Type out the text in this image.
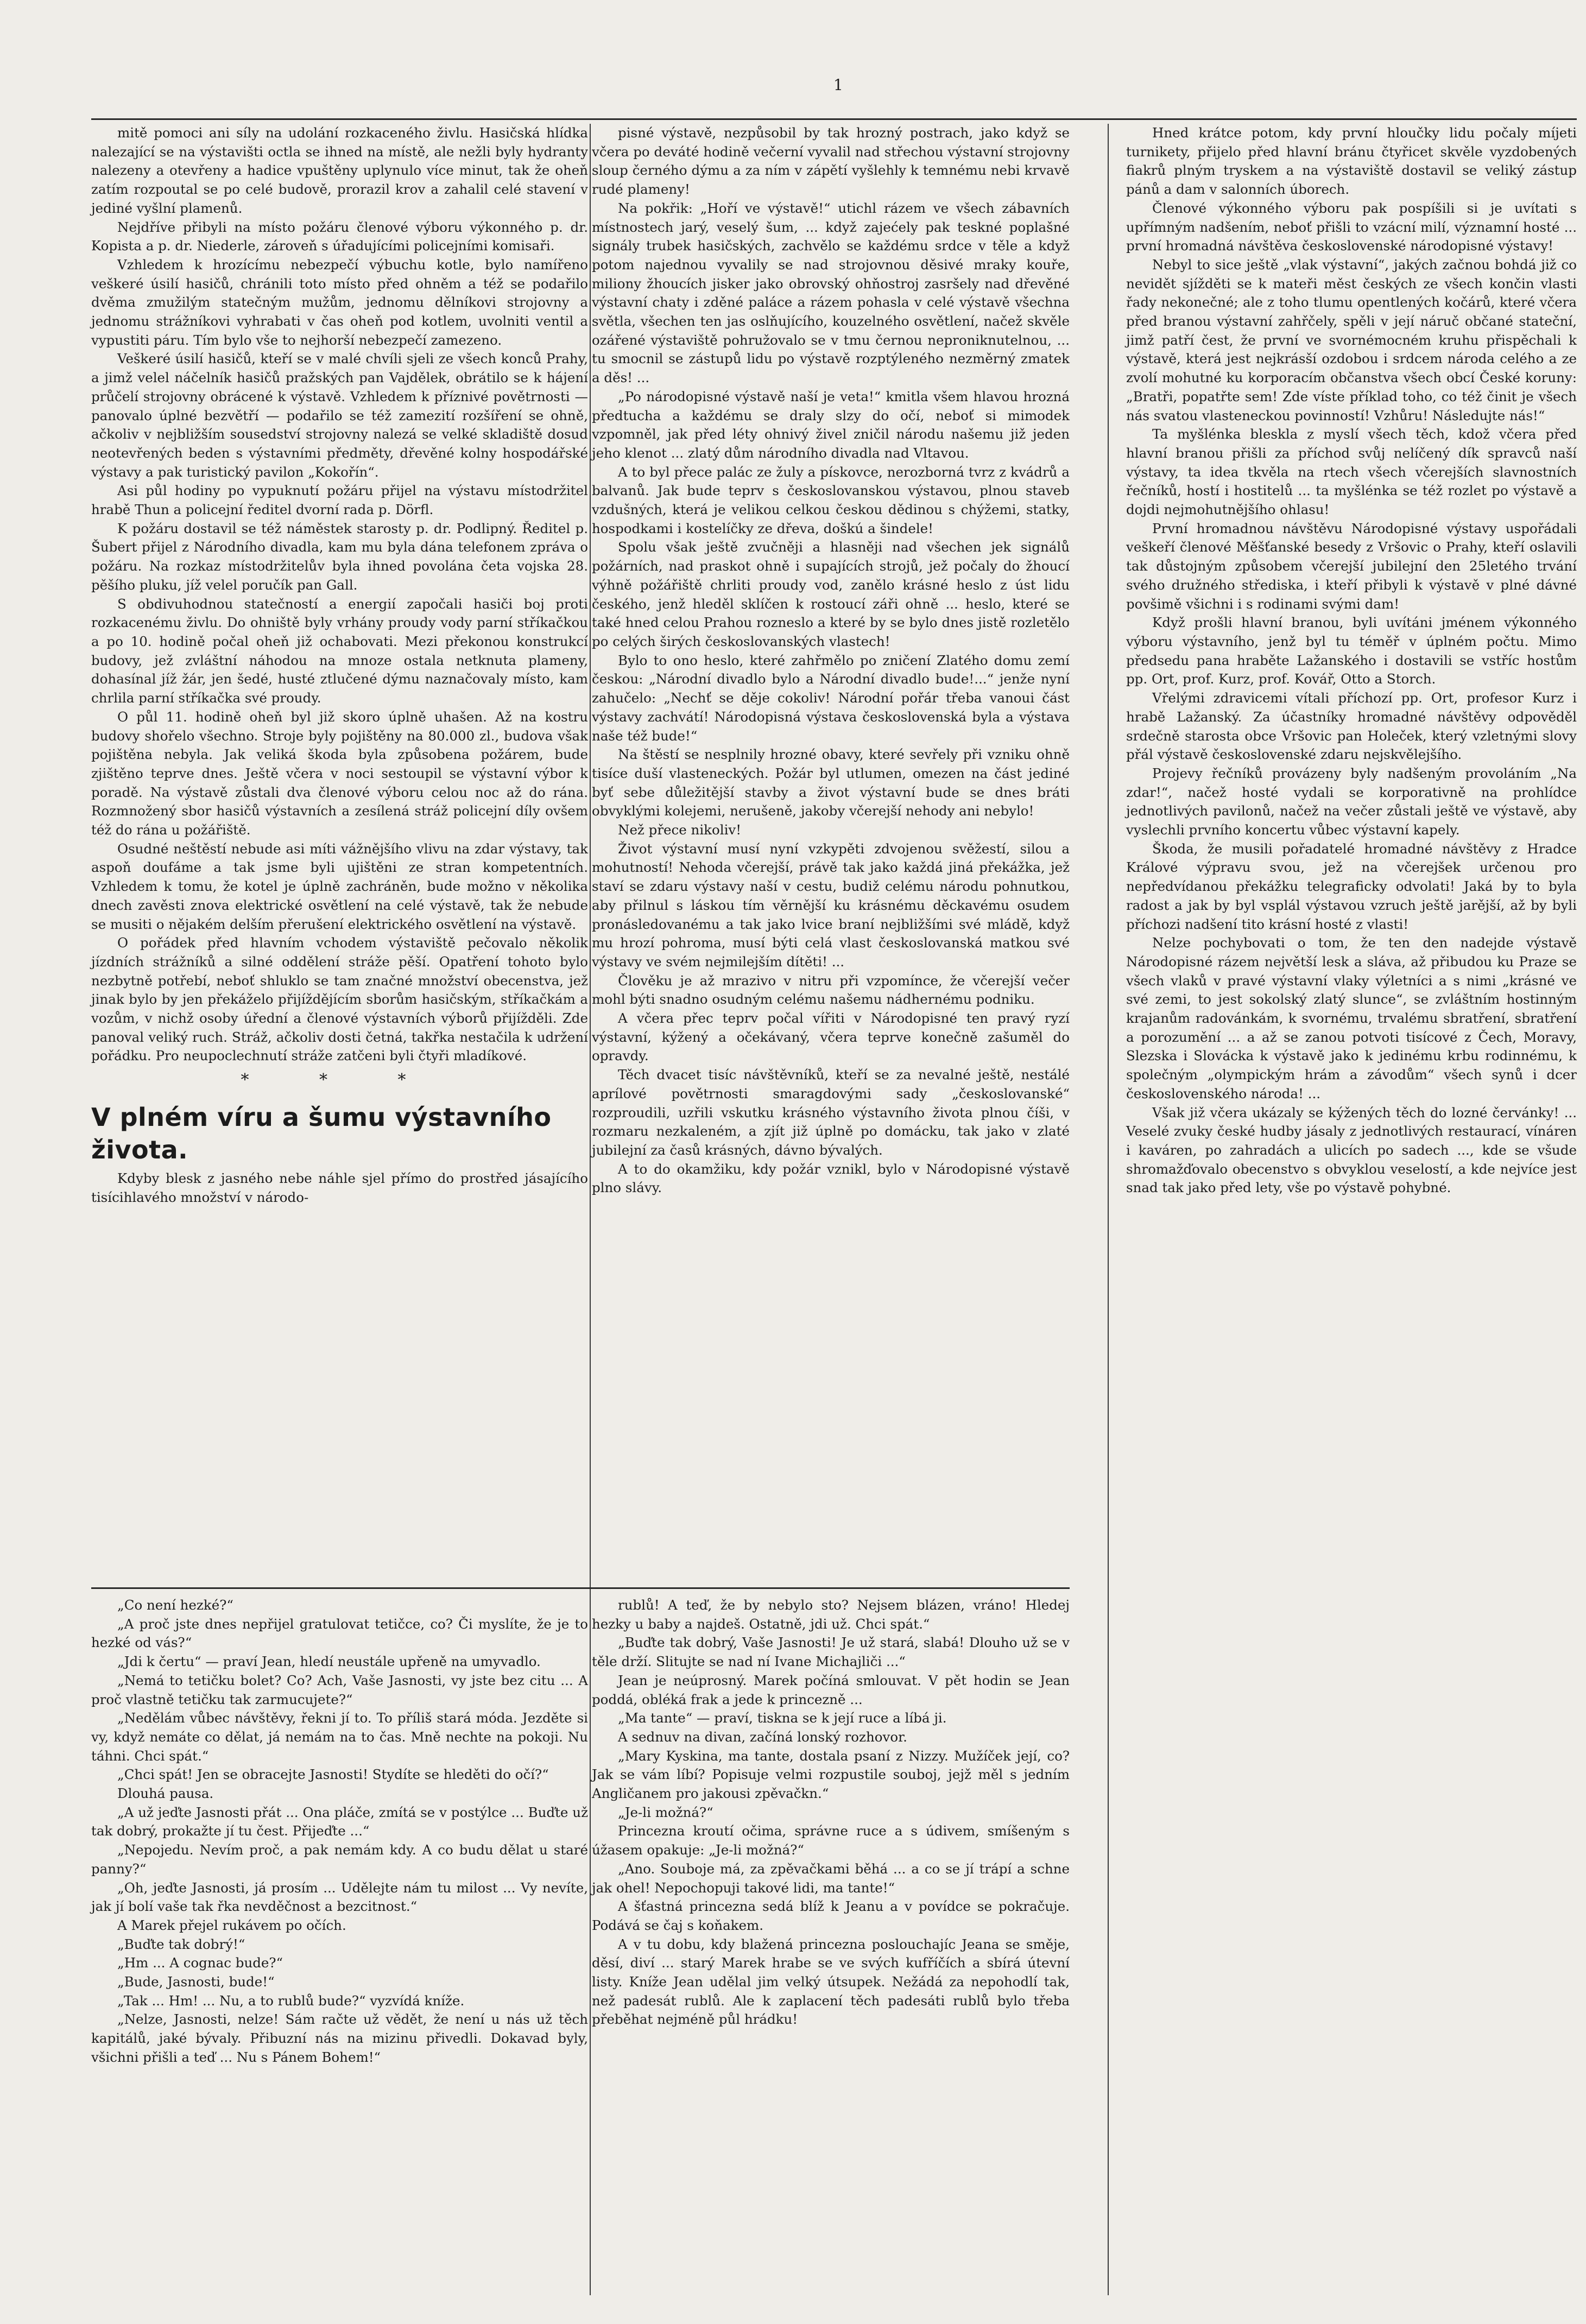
1

mitě pomoci ani síly na udolání rozkaceného živlu. Hasičská hlídka nalezající se na výstavišti octla se ihned na místě, ale nežli byly hydranty nalezeny a otevřeny a hadice vpuštěny uplynulo více minut, tak že oheň zatím rozpoutal se po celé budově, prorazil krov a zahalil celé stavení v jediné vyšlní plamenů.

Nejdříve přibyli na místo požáru členové výboru výkonného p. dr. Kopista a p. dr. Niederle, zároveň s úřadujícími policejními komisaři.

Vzhledem k hrozícímu nebezpečí výbuchu kotle, bylo namířeno veškeré úsilí hasičů, chránili toto místo před ohněm a též se podařilo dvěma zmužilým statečným mužům, jednomu dělníkovi strojovny a jednomu strážníkovi vyhrabati v čas oheň pod kotlem, uvolniti ventil a vypustiti páru. Tím bylo vše to nejhorší nebezpečí zamezeno.

Veškeré úsilí hasičů, kteří se v malé chvíli sjeli ze všech konců Prahy, a jimž velel náčelník hasičů pražských pan Vajdělek, obrátilo se k hájení průčelí strojovny obrácené k výstavě. Vzhledem k příznivé povětrnosti — panovalo úplné bezvětří — podařilo se též zamezití rozšíření se ohně, ačkoliv v nejbližším sousedství strojovny nalezá se velké skladiště dosud neotevřených beden s výstavními předměty, dřevěné kolny hospodářské výstavy a pak turistický pavilon „Kokořín“.

Asi půl hodiny po vypuknutí požáru přijel na výstavu místodržitel hrabě Thun a policejní ředitel dvorní rada p. Dörfl.

K požáru dostavil se též náměstek starosty p. dr. Podlipný. Ředitel p. Šubert přijel z Národního divadla, kam mu byla dána telefonem zpráva o požáru. Na rozkaz místodržitelův byla ihned povolána četa vojska 28. pěšího pluku, jíž velel poručík pan Gall.

S obdivuhodnou statečností a energií započali hasiči boj proti rozkacenému živlu. Do ohniště byly vrhány proudy vody parní stříkačkou a po 10. hodině počal oheň již ochabovati. Mezi překonou konstrukcí budovy, jež zvláštní náhodou na mnoze ostala netknuta plameny, dohasínal jíž žár, jen šedé, husté ztlučené dýmu naznačovaly místo, kam chrlila parní stříkačka své proudy.

O půl 11. hodině oheň byl již skoro úplně uhašen. Až na kostru budovy shořelo všechno. Stroje byly pojištěny na 80.000 zl., budova však pojištěna nebyla. Jak veliká škoda byla způsobena požárem, bude zjištěno teprve dnes. Ještě včera v noci sestoupil se výstavní výbor k poradě. Na výstavě zůstali dva členové výboru celou noc až do rána. Rozmnožený sbor hasičů výstavních a zesílená stráž policejní díly ovšem též do rána u požářiště.

Osudné neštěstí nebude asi míti vážnějšího vlivu na zdar výstavy, tak aspoň doufáme a tak jsme byli ujištěni ze stran kompetentních. Vzhledem k tomu, že kotel je úplně zachráněn, bude možno v několika dnech zavěsti znova elektrické osvětlení na celé výstavě, tak že nebude se musiti o nějakém delším přerušení elektrického osvětlení na výstavě.

O pořádek před hlavním vchodem výstaviště pečovalo několik jízdních strážníků a silné oddělení stráže pěší. Opatření tohoto bylo nezbytně potřebí, neboť shluklo se tam značné množství obecenstva, jež jinak bylo by jen překáželo přijíždějícím sborům hasičským, stříkačkám a vozům, v nichž osoby úřední a členové výstavních výborů přijížděli. Zde panoval veliký ruch. Stráž, ačkoliv dosti četná, takřka nestačila k udržení pořádku. Pro neupoclechnutí stráže zatčeni byli čtyři mladíkové.

* * *
V plném víru a šumu výstavního života.

Kdyby blesk z jasného nebe náhle sjel přímo do prostřed jásajícího tisícihlavého množství v národo-

pisné výstavě, nezpůsobil by tak hrozný postrach, jako když se včera po deváté hodině večerní vyvalil nad střechou výstavní strojovny sloup černého dýmu a za ním v zápětí vyšlehly k temnému nebi krvavě rudé plameny!

Na pokřik: „Hoří ve výstavě!“ utichl rázem ve všech zábavních místnostech jarý, veselý šum, ... když zajećely pak teskné poplašné signály trubek hasičských, zachvělo se každému srdce v těle a když potom najednou vyvalily se nad strojovnou děsivé mraky kouře, miliony žhoucích jisker jako obrovský ohňostroj zasršely nad dřevěné výstavní chaty i zděné paláce a rázem pohasla v celé výstavě všechna světla, všechen ten jas oslňujícího, kouzelného osvětlení, načež skvěle ozářené výstaviště pohružovalo se v tmu černou neproniknutelnou, ... tu smocnil se zástupů lidu po výstavě rozptýleného nezměrný zmatek a děs! ...

„Po národopisné výstavě naší je veta!“ kmitla všem hlavou hrozná předtucha a každému se draly slzy do očí, neboť si mimodek vzpomněl, jak před léty ohnivý živel zničil národu našemu již jeden jeho klenot ... zlatý dům národního divadla nad Vltavou.

A to byl přece palác ze žuly a pískovce, nerozborná tvrz z kvádrů a balvanů. Jak bude teprv s českoslovanskou výstavou, plnou staveb vzdušných, která je velikou celkou českou dědinou s chýžemi, statky, hospodkami i kostelíčky ze dřeva, doškú a šindele!

Spolu však ještě zvučněji a hlasněji nad všechen jek signálů požárních, nad praskot ohně i supajících strojů, jež počaly do žhoucí výhně požářiště chrliti proudy vod, zanělo krásné heslo z úst lidu českého, jenž hleděl sklíčen k rostoucí záři ohně ... heslo, které se také hned celou Prahou rozneslo a které by se bylo dnes jistě rozletělo po celých širých českoslovanských vlastech!

Bylo to ono heslo, které zahřmělo po zničení Zlatého domu zemí českou: „Národní divadlo bylo a Národní divadlo bude!...“ jenže nyní zahučelo: „Nechť se děje cokoliv! Národní pořár třeba vanoui část výstavy zachvátí! Národopisná výstava československá byla a výstava naše též bude!“

Na štěstí se nesplnily hrozné obavy, které sevřely při vzniku ohně tisíce duší vlasteneckých. Požár byl utlumen, omezen na část jediné byť sebe důležitější stavby a život výstavní bude se dnes bráti obvyklými kolejemi, nerušeně, jakoby včerejší nehody ani nebylo!

Než přece nikoliv!

Život výstavní musí nyní vzkypěti zdvojenou svěžestí, silou a mohutností! Nehoda včerejší, právě tak jako každá jiná překážka, jež staví se zdaru výstavy naší v cestu, budiž celému národu pohnutkou, aby přilnul s láskou tím věrnější ku krásnému děckavému osudem pronásledovanému a tak jako lvice braní nejbližšími své mládě, když mu hrozí pohroma, musí býti celá vlast českoslovanská matkou své výstavy ve svém nejmilejším dítěti! ...

Člověku je až mrazivo v nitru při vzpomínce, že včerejší večer mohl býti snadno osudným celému našemu nádhernému podniku.

A včera přec teprv počal vířiti v Národopisné ten pravý ryzí výstavní, kýžený a očekávaný, včera teprve konečně zašuměl do opravdy.

Těch dvacet tisíc návštěvníků, kteří se za nevalné ještě, nestálé aprílové povětrnosti smaragdovými sady „českoslovanské“ rozproudili, uzřili vskutku krásného výstavního života plnou číši, v rozmaru nezkaleném, a zjít již úplně po domácku, tak jako v zlaté jubilejní za časů krásných, dávno bývalých.

A to do okamžiku, kdy požár vznikl, bylo v Národopisné výstavě plno slávy.

Hned krátce potom, kdy první hloučky lidu počaly míjeti turnikety, přijelo před hlavní bránu čtyřicet skvěle vyzdobených fiakrů plným tryskem a na výstaviště dostavil se veliký zástup pánů a dam v salonních úborech.

Členové výkonného výboru pak pospíšili si je uvítati s upřímným nadšením, neboť přišli to vzácní milí, významní hosté ... první hromadná návštěva československé národopisné výstavy!

Nebyl to sice ještě „vlak výstavní“, jakých začnou bohdá již co nevidět sjížděti se k mateři měst českých ze všech končin vlasti řady nekonečné; ale z toho tlumu opentlených kočárů, které včera před branou výstavní zahřčely, spěli v její náruč občané stateční, jimž patří čest, že první ve svornémocném kruhu přispěchali k výstavě, která jest nejkrásší ozdobou i srdcem národa celého a ze zvolí mohutné ku korporacím občanstva všech obcí České koruny: „Bratři, popatřte sem! Zde víste příklad toho, co též činit je všech nás svatou vlasteneckou povinností! Vzhůru! Následujte nás!“

Ta myšlénka bleskla z myslí všech těch, kdož včera před hlavní branou přišli za příchod svůj nelíčený dík spravců naší výstavy, ta idea tkvěla na rtech všech včerejších slavnostních řečníků, hostí i hostitelů ... ta myšlénka se též rozlet po výstavě a dojdi nejmohutnějšího ohlasu!

První hromadnou návštěvu Národopisné výstavy uspořádali veškeří členové Měšťanské besedy z Vršovic o Prahy, kteří oslavili tak důstojným způsobem včerejší jubilejní den 25letého trvání svého družného střediska, i kteří přibyli k výstavě v plné dávné povšimě všichni i s rodinami svými dam!

Když prošli hlavní branou, byli uvítáni jménem výkonného výboru výstavního, jenž byl tu téměř v úplném počtu. Mimo předsedu pana hraběte Lažanského i dostavili se vstříc hostům pp. Ort, prof. Kurz, prof. Kovář, Otto a Storch.

Vřelými zdravicemi vítali příchozí pp. Ort, profesor Kurz i hrabě Lažanský. Za účastníky hromadné návštěvy odpověděl srdečně starosta obce Vršovic pan Holeček, který vzletnými slovy přál výstavě československé zdaru nejskvělejšího.

Projevy řečníků provázeny byly nadšeným provoláním „Na zdar!“, načež hosté vydali se korporativně na prohlídce jednotlivých pavilonů, načež na večer zůstali ještě ve výstavě, aby vyslechli prvního koncertu vůbec výstavní kapely.

Škoda, že musili pořadatelé hromadné návštěvy z Hradce Králové výpravu svou, jež na včerejšek určenou pro nepředvídanou překážku telegraficky odvolati! Jaká by to byla radost a jak by byl vsplál výstavou vzruch ještě jarější, až by byli příchozi nadšení tito krásní hosté z vlasti!

Nelze pochybovati o tom, že ten den nadejde výstavě Národopisné rázem největší lesk a sláva, až přibudou ku Praze se všech vlaků v pravé výstavní vlaky výletníci a s nimi „krásné ve své zemi, to jest sokolský zlatý slunce“, se zvláštním hostinným krajanům radovánkám, k svornému, trvalému sbratření, sbratření a porozumění ... a až se zanou potvoti tisícové z Čech, Moravy, Slezska i Slovácka k výstavě jako k jedinému krbu rodinnému, k společným „olympickým hrám a závodům“ všech synů i dcer československého národa! ...

Však již včera ukázaly se kýžených těch do lozné červánky! ... Veselé zvuky české hudby jásaly z jednotlivých restaurací, vínáren i kaváren, po zahradách a ulicích po sadech ..., kde se všude shromažďovalo obecenstvo s obvyklou veselostí, a kde nejvíce jest snad tak jako před lety, vše po výstavě pohybné.

„Co není hezké?“

„A proč jste dnes nepřijel gratulovat tetičce, co? Či myslíte, že je to hezké od vás?“

„Jdi k čertu“ — praví Jean, hledí neustále upřeně na umyvadlo.

„Nemá to tetičku bolet? Co? Ach, Vaše Jasnosti, vy jste bez citu ... A proč vlastně tetičku tak zarmucujete?“

„Nedělám vůbec návštěvy, řekni jí to. To příliš stará móda. Jezděte si vy, když nemáte co dělat, já nemám na to čas. Mně nechte na pokoji. Nu táhni. Chci spát.“

„Chci spát! Jen se obracejte Jasnosti! Stydíte se hleděti do očí?“

Dlouhá pausa.

„A už jeďte Jasnosti přát ... Ona pláče, zmítá se v postýlce ... Buďte už tak dobrý, prokažte jí tu čest. Přijeďte ...“

„Nepojedu. Nevím proč, a pak nemám kdy. A co budu dělat u staré panny?“

„Oh, jeďte Jasnosti, já prosím ... Udělejte nám tu milost ... Vy nevíte, jak jí bolí vaše tak řka nevděčnost a bezcitnost.“

A Marek přejel rukávem po očích.

„Buďte tak dobrý!“

„Hm ... A cognac bude?“

„Bude, Jasnosti, bude!“

„Tak ... Hm! ... Nu, a to rublů bude?“ vyzvídá kníže.

„Nelze, Jasnosti, nelze! Sám račte už vědět, že není u nás už těch kapitálů, jaké bývaly. Přibuzní nás na mizinu přivedli. Dokavad byly, všichni přišli a teď ... Nu s Pánem Bohem!“

rublů! A teď, že by nebylo sto? Nejsem blázen, vráno! Hledej hezky u baby a najdeš. Ostatně, jdi už. Chci spát.“

„Buďte tak dobrý, Vaše Jasnosti! Je už stará, slabá! Dlouho už se v těle drží. Slitujte se nad ní Ivane Michajliči ...“

Jean je neúprosný. Marek počíná smlouvat. V pět hodin se Jean poddá, obléká frak a jede k princezně ...

„Ma tante“ — praví, tiskna se k její ruce a líbá ji.

A sednuv na divan, začíná lonský rozhovor.

„Mary Kyskina, ma tante, dostala psaní z Nizzy. Mužíček její, co? Jak se vám líbí? Popisuje velmi rozpustile souboj, jejž měl s jedním Angličanem pro jakousi zpěvačkn.“

„Je-li možná?“

Princezna kroutí očima, správne ruce a s údivem, smíšeným s úžasem opakuje: „Je-li možná?“

„Ano. Souboje má, za zpěvačkami běhá ... a co se jí trápí a schne jak ohel! Nepochopuji takové lidi, ma tante!“

A šťastná princezna sedá blíž k Jeanu a v povídce se pokračuje. Podává se čaj s koňakem.

A v tu dobu, kdy blažená princezna poslouchajíc Jeana se směje, děsí, diví ... starý Marek hrabe se ve svých kufříčích a sbírá útevní listy. Kníže Jean udělal jim velký útsupek. Nežádá za nepohodlí tak, než padesát rublů. Ale k zaplacení těch padesáti rublů bylo třeba přeběhat nejméně půl hrádku!
